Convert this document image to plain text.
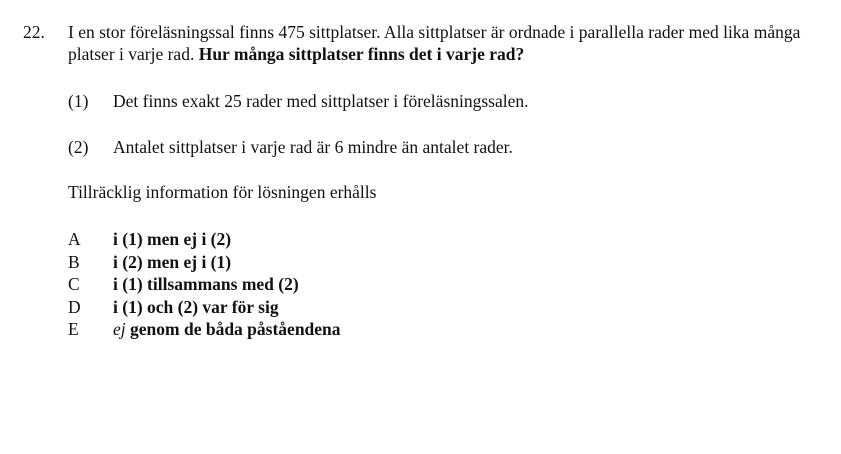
22. I en stor föreläsningssal finns 475 sittplatser. Alla sittplatser är ordnade i parallella rader med lika många platser i varje rad. Hur många sittplatser finns det i varje rad?
(1) Det finns exakt 25 rader med sittplatser i föreläsningssalen.
(2) Antalet sittplatser i varje rad är 6 mindre än antalet rader.
Tillräcklig information för lösningen erhålls
A i (1) men ej i (2)
B i (2) men ej i (1)
C i (1) tillsammans med (2)
D i (1) och (2) var för sig
E ej genom de båda påståendena
